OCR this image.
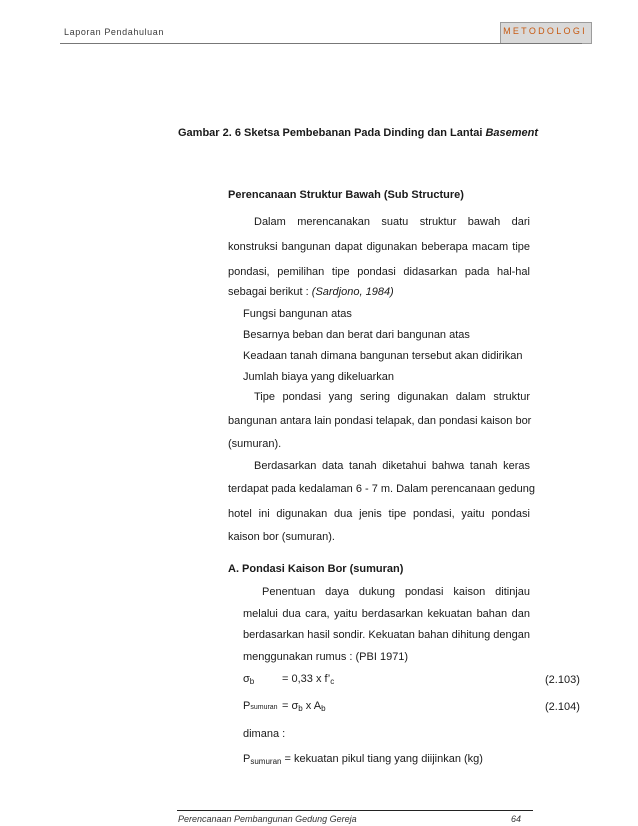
Laporan Pendahuluan	METODOLOGI
Gambar 2. 6 Sketsa Pembebanan Pada Dinding dan Lantai Basement
Perencanaan Struktur Bawah (Sub Structure)
Dalam merencanakan suatu struktur bawah dari
konstruksi bangunan dapat digunakan beberapa macam tipe
pondasi, pemilihan tipe pondasi didasarkan pada hal-hal
sebagai berikut : (Sardjono, 1984)
Fungsi bangunan atas
Besarnya beban dan berat dari bangunan atas
Keadaan tanah dimana bangunan tersebut akan didirikan
Jumlah biaya yang dikeluarkan
Tipe pondasi yang sering digunakan dalam struktur
bangunan antara lain pondasi telapak, dan pondasi kaison bor
(sumuran).
Berdasarkan data tanah diketahui bahwa tanah keras
terdapat pada kedalaman 6 - 7 m. Dalam perencanaan gedung
hotel ini digunakan dua jenis tipe pondasi, yaitu pondasi
kaison bor (sumuran).
A. Pondasi Kaison Bor (sumuran)
Penentuan daya dukung pondasi kaison ditinjau
melalui dua cara, yaitu berdasarkan kekuatan bahan dan
berdasarkan hasil sondir. Kekuatan bahan dihitung dengan
menggunakan rumus : (PBI 1971)
$\sigma_b$	= 0,33 x $f’_c$	(2.103)
Psumuran = $\sigma_b$ x $A_b$	(2.104)
dimana :
$P_{sumuran}$ = kekuatan pikul tiang yang diijinkan (kg)
Perencanaan Pembangunan Gedung Gereja	64
